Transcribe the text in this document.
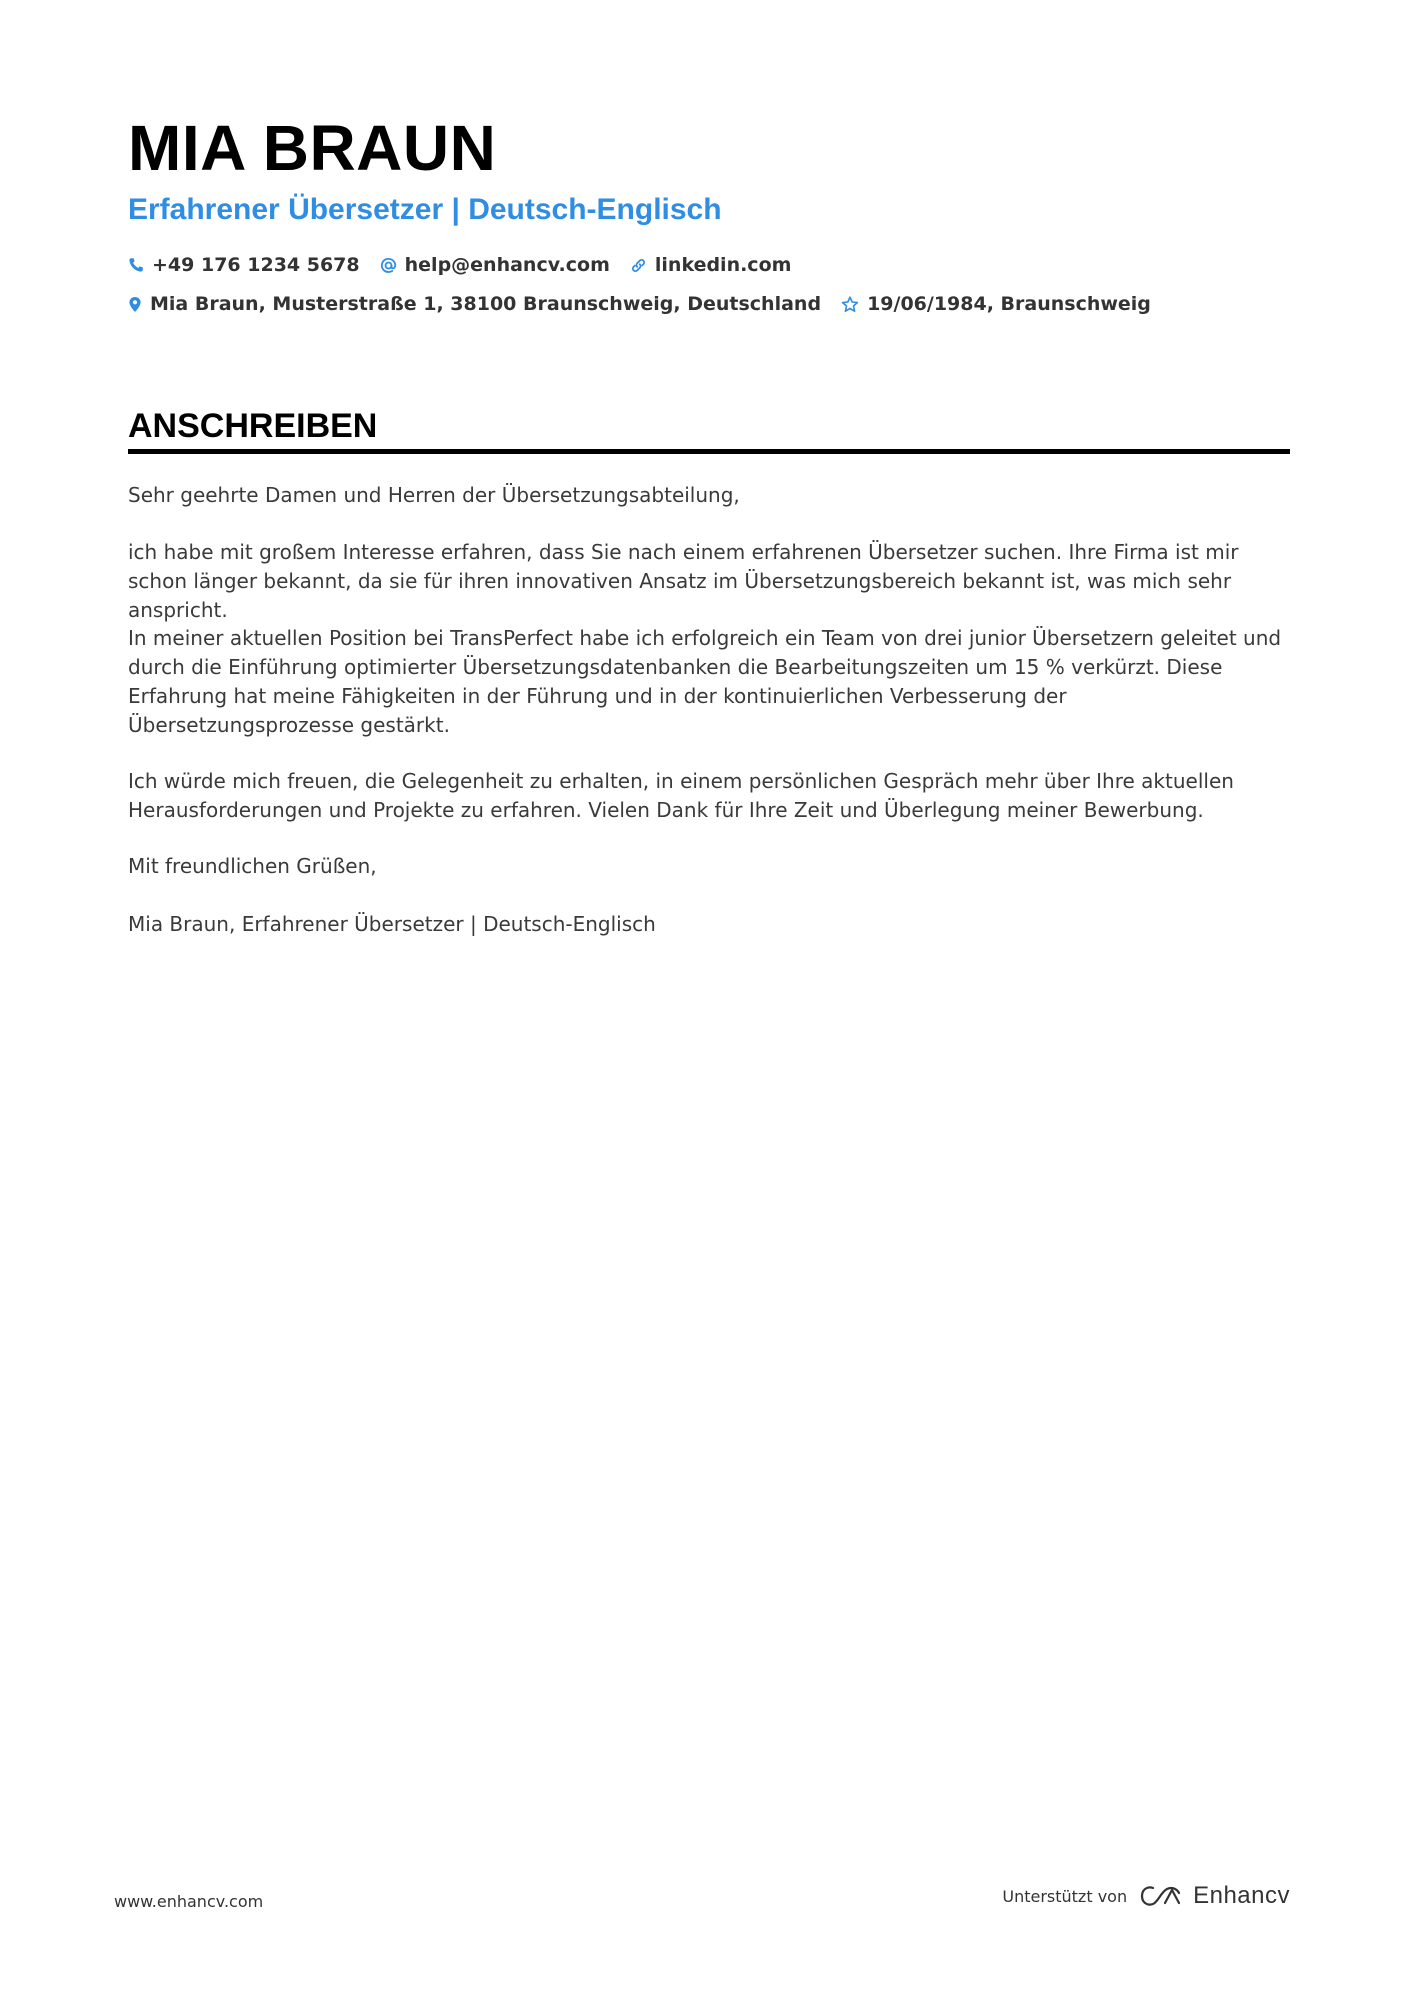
MIA BRAUN
Erfahrener Übersetzer | Deutsch-Englisch
+49 176 1234 5678 help@enhancv.com linkedin.com
Mia Braun, Musterstraße 1, 38100 Braunschweig, Deutschland 19/06/1984, Braunschweig
ANSCHREIBEN

Sehr geehrte Damen und Herren der Übersetzungsabteilung,

ich habe mit großem Interesse erfahren, dass Sie nach einem erfahrenen Übersetzer suchen. Ihre Firma ist mir schon länger bekannt, da sie für ihren innovativen Ansatz im Übersetzungsbereich bekannt ist, was mich sehr anspricht.

In meiner aktuellen Position bei TransPerfect habe ich erfolgreich ein Team von drei junior Übersetzern geleitet und durch die Einführung optimierter Übersetzungsdatenbanken die Bearbeitungszeiten um 15 % verkürzt. Diese Erfahrung hat meine Fähigkeiten in der Führung und in der kontinuierlichen Verbesserung der Übersetzungsprozesse gestärkt.

Ich würde mich freuen, die Gelegenheit zu erhalten, in einem persönlichen Gespräch mehr über Ihre aktuellen Herausforderungen und Projekte zu erfahren. Vielen Dank für Ihre Zeit und Überlegung meiner Bewerbung.

Mit freundlichen Grüßen,

Mia Braun, Erfahrener Übersetzer | Deutsch-Englisch

www.enhancv.com	Unterstützt von	Enhancv
